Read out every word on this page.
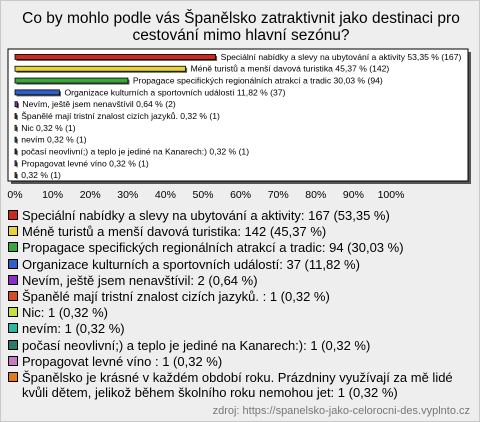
Co by mohlo podle vás Španělsko zatraktivnit jako destinaci pro cestování mimo hlavní sezónu?
Speciální nabídky a slevy na ubytování a aktivity 53,35 % (167)
Méně turistů a menší davová turistika 45,37 % (142)
Propagace specifických regionálních atrakcí a tradic 30,03 % (94)
Organizace kulturních a sportovních událostí 11,82 % (37)
Nevím, ještě jsem nenavštívil 0,64 % (2)
Španělé mají tristní znalost cizích jazyků. 0,32 % (1)
Nic 0,32 % (1)
nevím 0,32 % (1)
počasí neovlivní;) a teplo je jediné na Kanarech:) 0,32 % (1)
Propagovat levné víno 0,32 % (1)
0,32 % (1)
0% 10% 20% 30% 40% 50% 60% 70% 80% 90% 100%
Speciální nabídky a slevy na ubytování a aktivity: 167 (53,35 %)
Méně turistů a menší davová turistika: 142 (45,37 %)
Propagace specifických regionálních atrakcí a tradic: 94 (30,03 %)
Organizace kulturních a sportovních událostí: 37 (11,82 %)
Nevím, ještě jsem nenavštívil: 2 (0,64 %)
Španělé mají tristní znalost cizích jazyků. : 1 (0,32 %)
Nic: 1 (0,32 %)
nevím: 1 (0,32 %)
počasí neovlivní;) a teplo je jediné na Kanarech:): 1 (0,32 %)
Propagovat levné víno : 1 (0,32 %)
Španělsko je krásné v každém období roku. Prázdniny využívají za mě lidé kvůli dětem, jelikož během školního roku nemohou jet: 1 (0,32 %)
zdroj: https://spanelsko-jako-celorocni-des.vyplnto.cz
